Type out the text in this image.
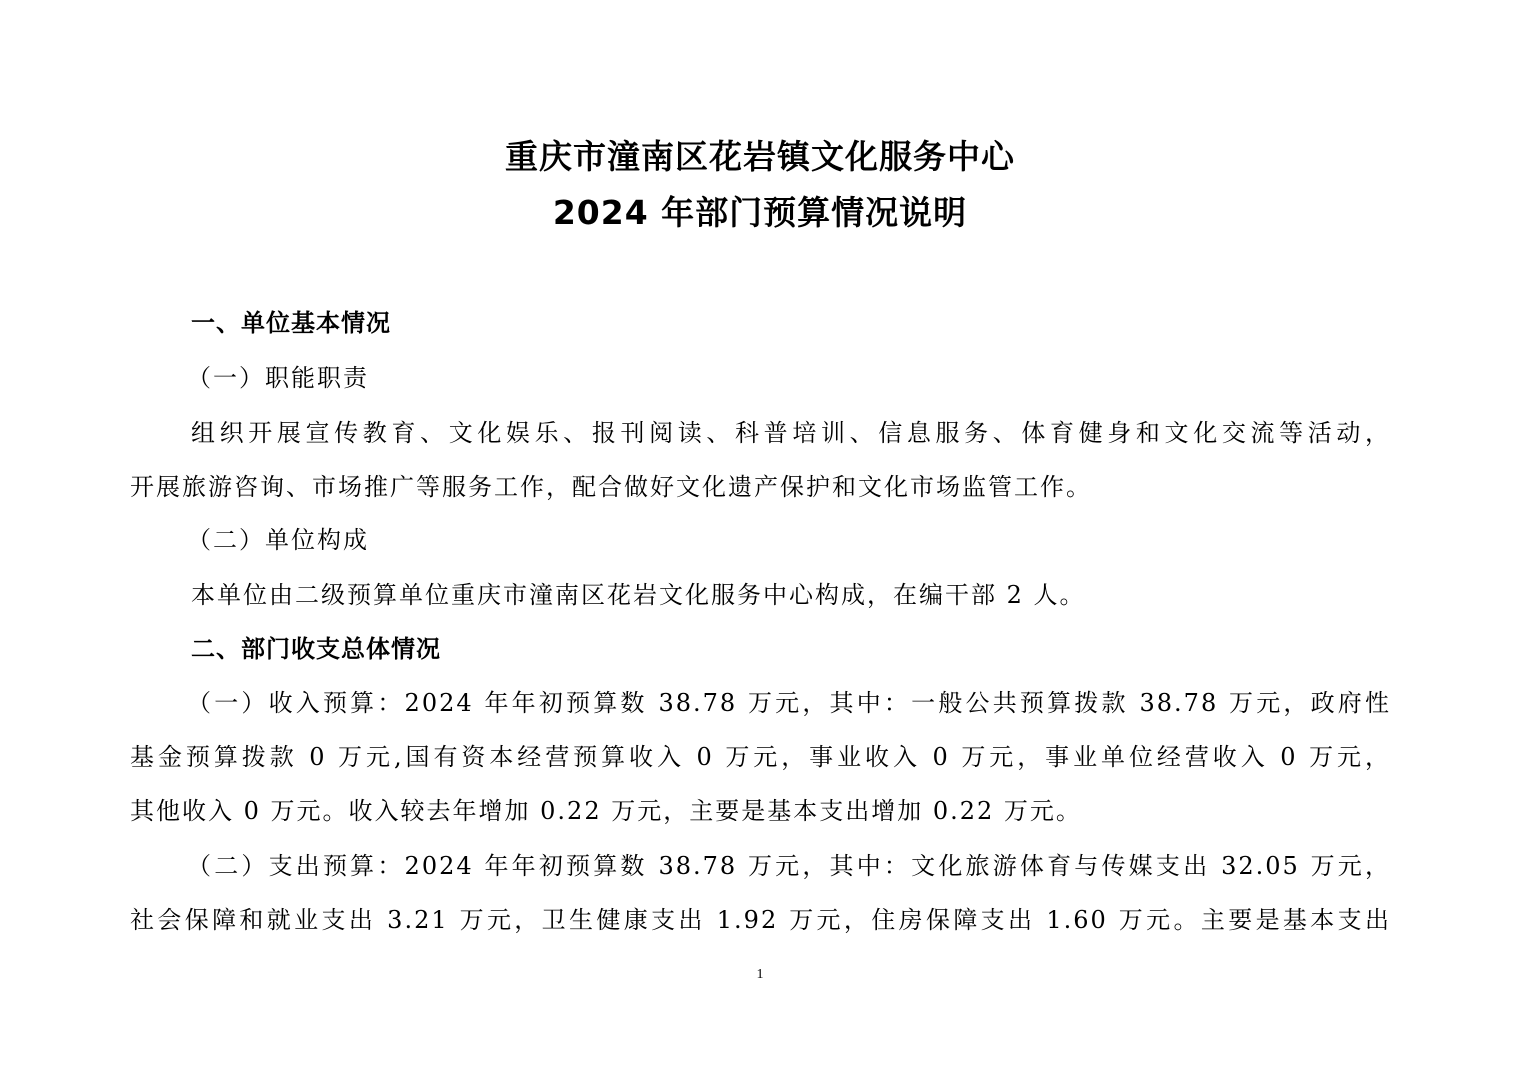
重庆市潼南区花岩镇文化服务中心
2024 年部门预算情况说明
一、单位基本情况
（一）职能职责
组织开展宣传教育、文化娱乐、报刊阅读、科普培训、信息服务、体育健身和文化交流等活动，
开展旅游咨询、市场推广等服务工作，配合做好文化遗产保护和文化市场监管工作。
（二）单位构成
本单位由二级预算单位重庆市潼南区花岩文化服务中心构成，在编干部 2 人。
二、部门收支总体情况
（一）收入预算：2024 年年初预算数 38.78 万元，其中：一般公共预算拨款 38.78 万元，政府性
基金预算拨款 0 万元,国有资本经营预算收入 0 万元，事业收入 0 万元，事业单位经营收入 0 万元，
其他收入 0 万元。收入较去年增加 0.22 万元，主要是基本支出增加 0.22 万元。
（二）支出预算：2024 年年初预算数 38.78 万元，其中：文化旅游体育与传媒支出 32.05 万元，
社会保障和就业支出 3.21 万元，卫生健康支出 1.92 万元，住房保障支出 1.60 万元。主要是基本支出
1
